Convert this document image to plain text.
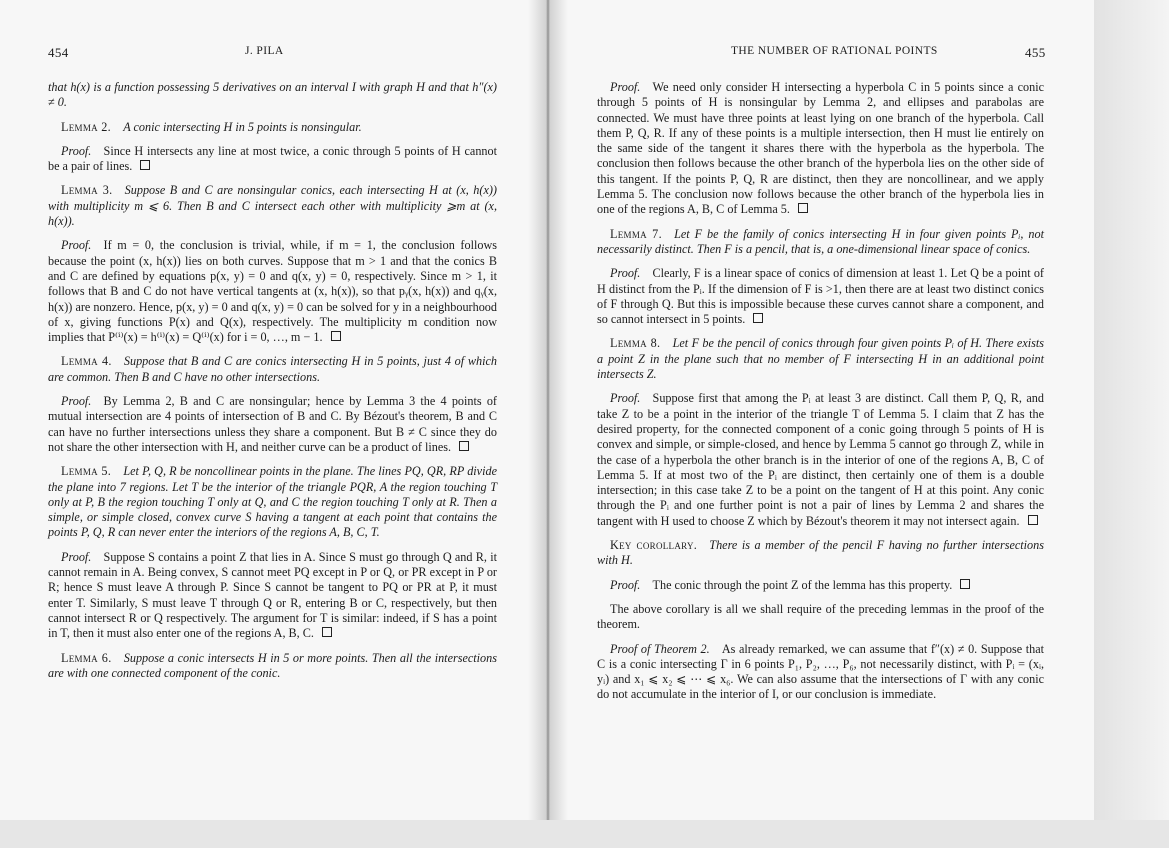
454	J. PILA

that h(x) is a function possessing 5 derivatives on an interval I with graph H and that h″(x) ≠ 0.

Lemma 2.  A conic intersecting H in 5 points is nonsingular.

Proof.  Since H intersects any line at most twice, a conic through 5 points of H cannot be a pair of lines.

Lemma 3.  Suppose B and C are nonsingular conics, each intersecting H at (x, h(x)) with multiplicity m ⩽ 6. Then B and C intersect each other with multiplicity ⩾m at (x, h(x)).

Proof.  If m = 0, the conclusion is trivial, while, if m = 1, the conclusion follows because the point (x, h(x)) lies on both curves. Suppose that m > 1 and that the conics B and C are defined by equations p(x, y) = 0 and q(x, y) = 0, respectively. Since m > 1, it follows that B and C do not have vertical tangents at (x, h(x)), so that pᵧ(x, h(x)) and qᵧ(x, h(x)) are nonzero. Hence, p(x, y) = 0 and q(x, y) = 0 can be solved for y in a neighbourhood of x, giving functions P(x) and Q(x), respectively. The multiplicity m condition now implies that P⁽ⁱ⁾(x) = h⁽ⁱ⁾(x) = Q⁽ⁱ⁾(x) for i = 0, …, m − 1.

Lemma 4.  Suppose that B and C are conics intersecting H in 5 points, just 4 of which are common. Then B and C have no other intersections.

Proof.  By Lemma 2, B and C are nonsingular; hence by Lemma 3 the 4 points of mutual intersection are 4 points of intersection of B and C. By Bézout's theorem, B and C can have no further intersections unless they share a component. But B ≠ C since they do not share the other intersection with H, and neither curve can be a product of lines.

Lemma 5.  Let P, Q, R be noncollinear points in the plane. The lines PQ, QR, RP divide the plane into 7 regions. Let T be the interior of the triangle PQR, A the region touching T only at P, B the region touching T only at Q, and C the region touching T only at R. Then a simple, or simple closed, convex curve S having a tangent at each point that contains the points P, Q, R can never enter the interiors of the regions A, B, C, T.

Proof.  Suppose S contains a point Z that lies in A. Since S must go through Q and R, it cannot remain in A. Being convex, S cannot meet PQ except in P or Q, or PR except in P or R; hence S must leave A through P. Since S cannot be tangent to PQ or PR at P, it must enter T. Similarly, S must leave T through Q or R, entering B or C, respectively, but then cannot intersect R or Q respectively. The argument for T is similar: indeed, if S has a point in T, then it must also enter one of the regions A, B, C.

Lemma 6.  Suppose a conic intersects H in 5 or more points. Then all the intersections are with one connected component of the conic.

THE NUMBER OF RATIONAL POINTS	455

Proof.  We need only consider H intersecting a hyperbola C in 5 points since a conic through 5 points of H is nonsingular by Lemma 2, and ellipses and parabolas are connected. We must have three points at least lying on one branch of the hyperbola. Call them P, Q, R. If any of these points is a multiple intersection, then H must lie entirely on the same side of the tangent it shares there with the hyperbola as the hyperbola. The conclusion then follows because the other branch of the hyperbola lies on the other side of this tangent. If the points P, Q, R are distinct, then they are noncollinear, and we apply Lemma 5. The conclusion now follows because the other branch of the hyperbola lies in one of the regions A, B, C of Lemma 5.

Lemma 7.  Let F be the family of conics intersecting H in four given points Pᵢ, not necessarily distinct. Then F is a pencil, that is, a one-dimensional linear space of conics.

Proof.  Clearly, F is a linear space of conics of dimension at least 1. Let Q be a point of H distinct from the Pᵢ. If the dimension of F is >1, then there are at least two distinct conics of F through Q. But this is impossible because these curves cannot share a component, and so cannot intersect in 5 points.

Lemma 8.  Let F be the pencil of conics through four given points Pᵢ of H. There exists a point Z in the plane such that no member of F intersecting H in an additional point intersects Z.

Proof.  Suppose first that among the Pᵢ at least 3 are distinct. Call them P, Q, R, and take Z to be a point in the interior of the triangle T of Lemma 5. I claim that Z has the desired property, for the connected component of a conic going through 5 points of H is convex and simple, or simple-closed, and hence by Lemma 5 cannot go through Z, while in the case of a hyperbola the other branch is in the interior of one of the regions A, B, C of Lemma 5. If at most two of the Pᵢ are distinct, then certainly one of them is a double intersection; in this case take Z to be a point on the tangent of H at this point. Any conic through the Pᵢ and one further point is not a pair of lines by Lemma 2 and shares the tangent with H used to choose Z which by Bézout's theorem it may not intersect again.

Key corollary.  There is a member of the pencil F having no further intersections with H.

Proof.  The conic through the point Z of the lemma has this property.

The above corollary is all we shall require of the preceding lemmas in the proof of the theorem.

Proof of Theorem 2.  As already remarked, we can assume that f″(x) ≠ 0. Suppose that C is a conic intersecting Γ in 6 points P₁, P₂, …, P₆, not necessarily distinct, with Pᵢ = (xᵢ, yᵢ) and x₁ ⩽ x₂ ⩽ ⋯ ⩽ x₆. We can also assume that the intersections of Γ with any conic do not accumulate in the interior of I, or our conclusion is immediate.
